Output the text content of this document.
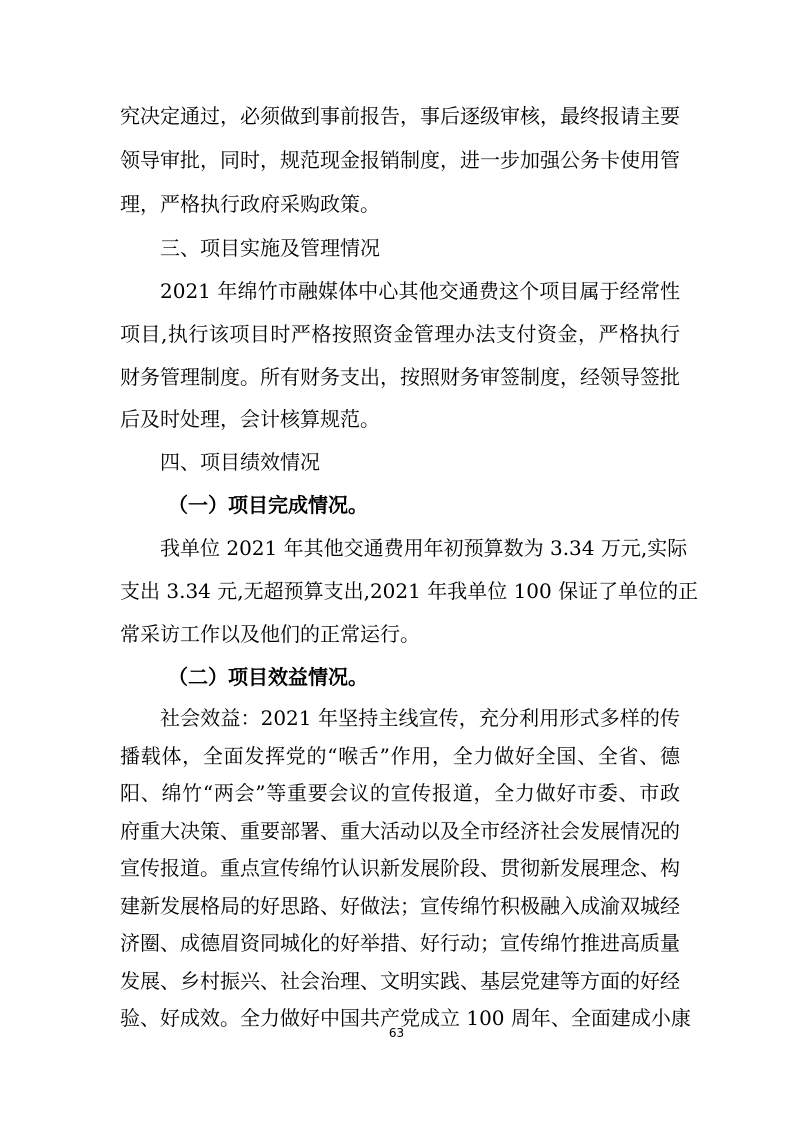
究决定通过，必须做到事前报告，事后逐级审核，最终报请主要
领导审批，同时，规范现金报销制度，进一步加强公务卡使用管
理，严格执行政府采购政策。
三、项目实施及管理情况
2021 年绵竹市融媒体中心其他交通费这个项目属于经常性
项目,执行该项目时严格按照资金管理办法支付资金，严格执行
财务管理制度。所有财务支出，按照财务审签制度，经领导签批
后及时处理，会计核算规范。
四、项目绩效情况
（一）项目完成情况。
我单位 2021 年其他交通费用年初预算数为 3.34 万元,实际
支出 3.34 元,无超预算支出,2021 年我单位 100 保证了单位的正
常采访工作以及他们的正常运行。
（二）项目效益情况。
社会效益：2021 年坚持主线宣传，充分利用形式多样的传
播载体，全面发挥党的“喉舌”作用，全力做好全国、全省、德
阳、绵竹“两会”等重要会议的宣传报道，全力做好市委、市政
府重大决策、重要部署、重大活动以及全市经济社会发展情况的
宣传报道。重点宣传绵竹认识新发展阶段、贯彻新发展理念、构
建新发展格局的好思路、好做法；宣传绵竹积极融入成渝双城经
济圈、成德眉资同城化的好举措、好行动；宣传绵竹推进高质量
发展、乡村振兴、社会治理、文明实践、基层党建等方面的好经
验、好成效。全力做好中国共产党成立 100 周年、全面建成小康
63
